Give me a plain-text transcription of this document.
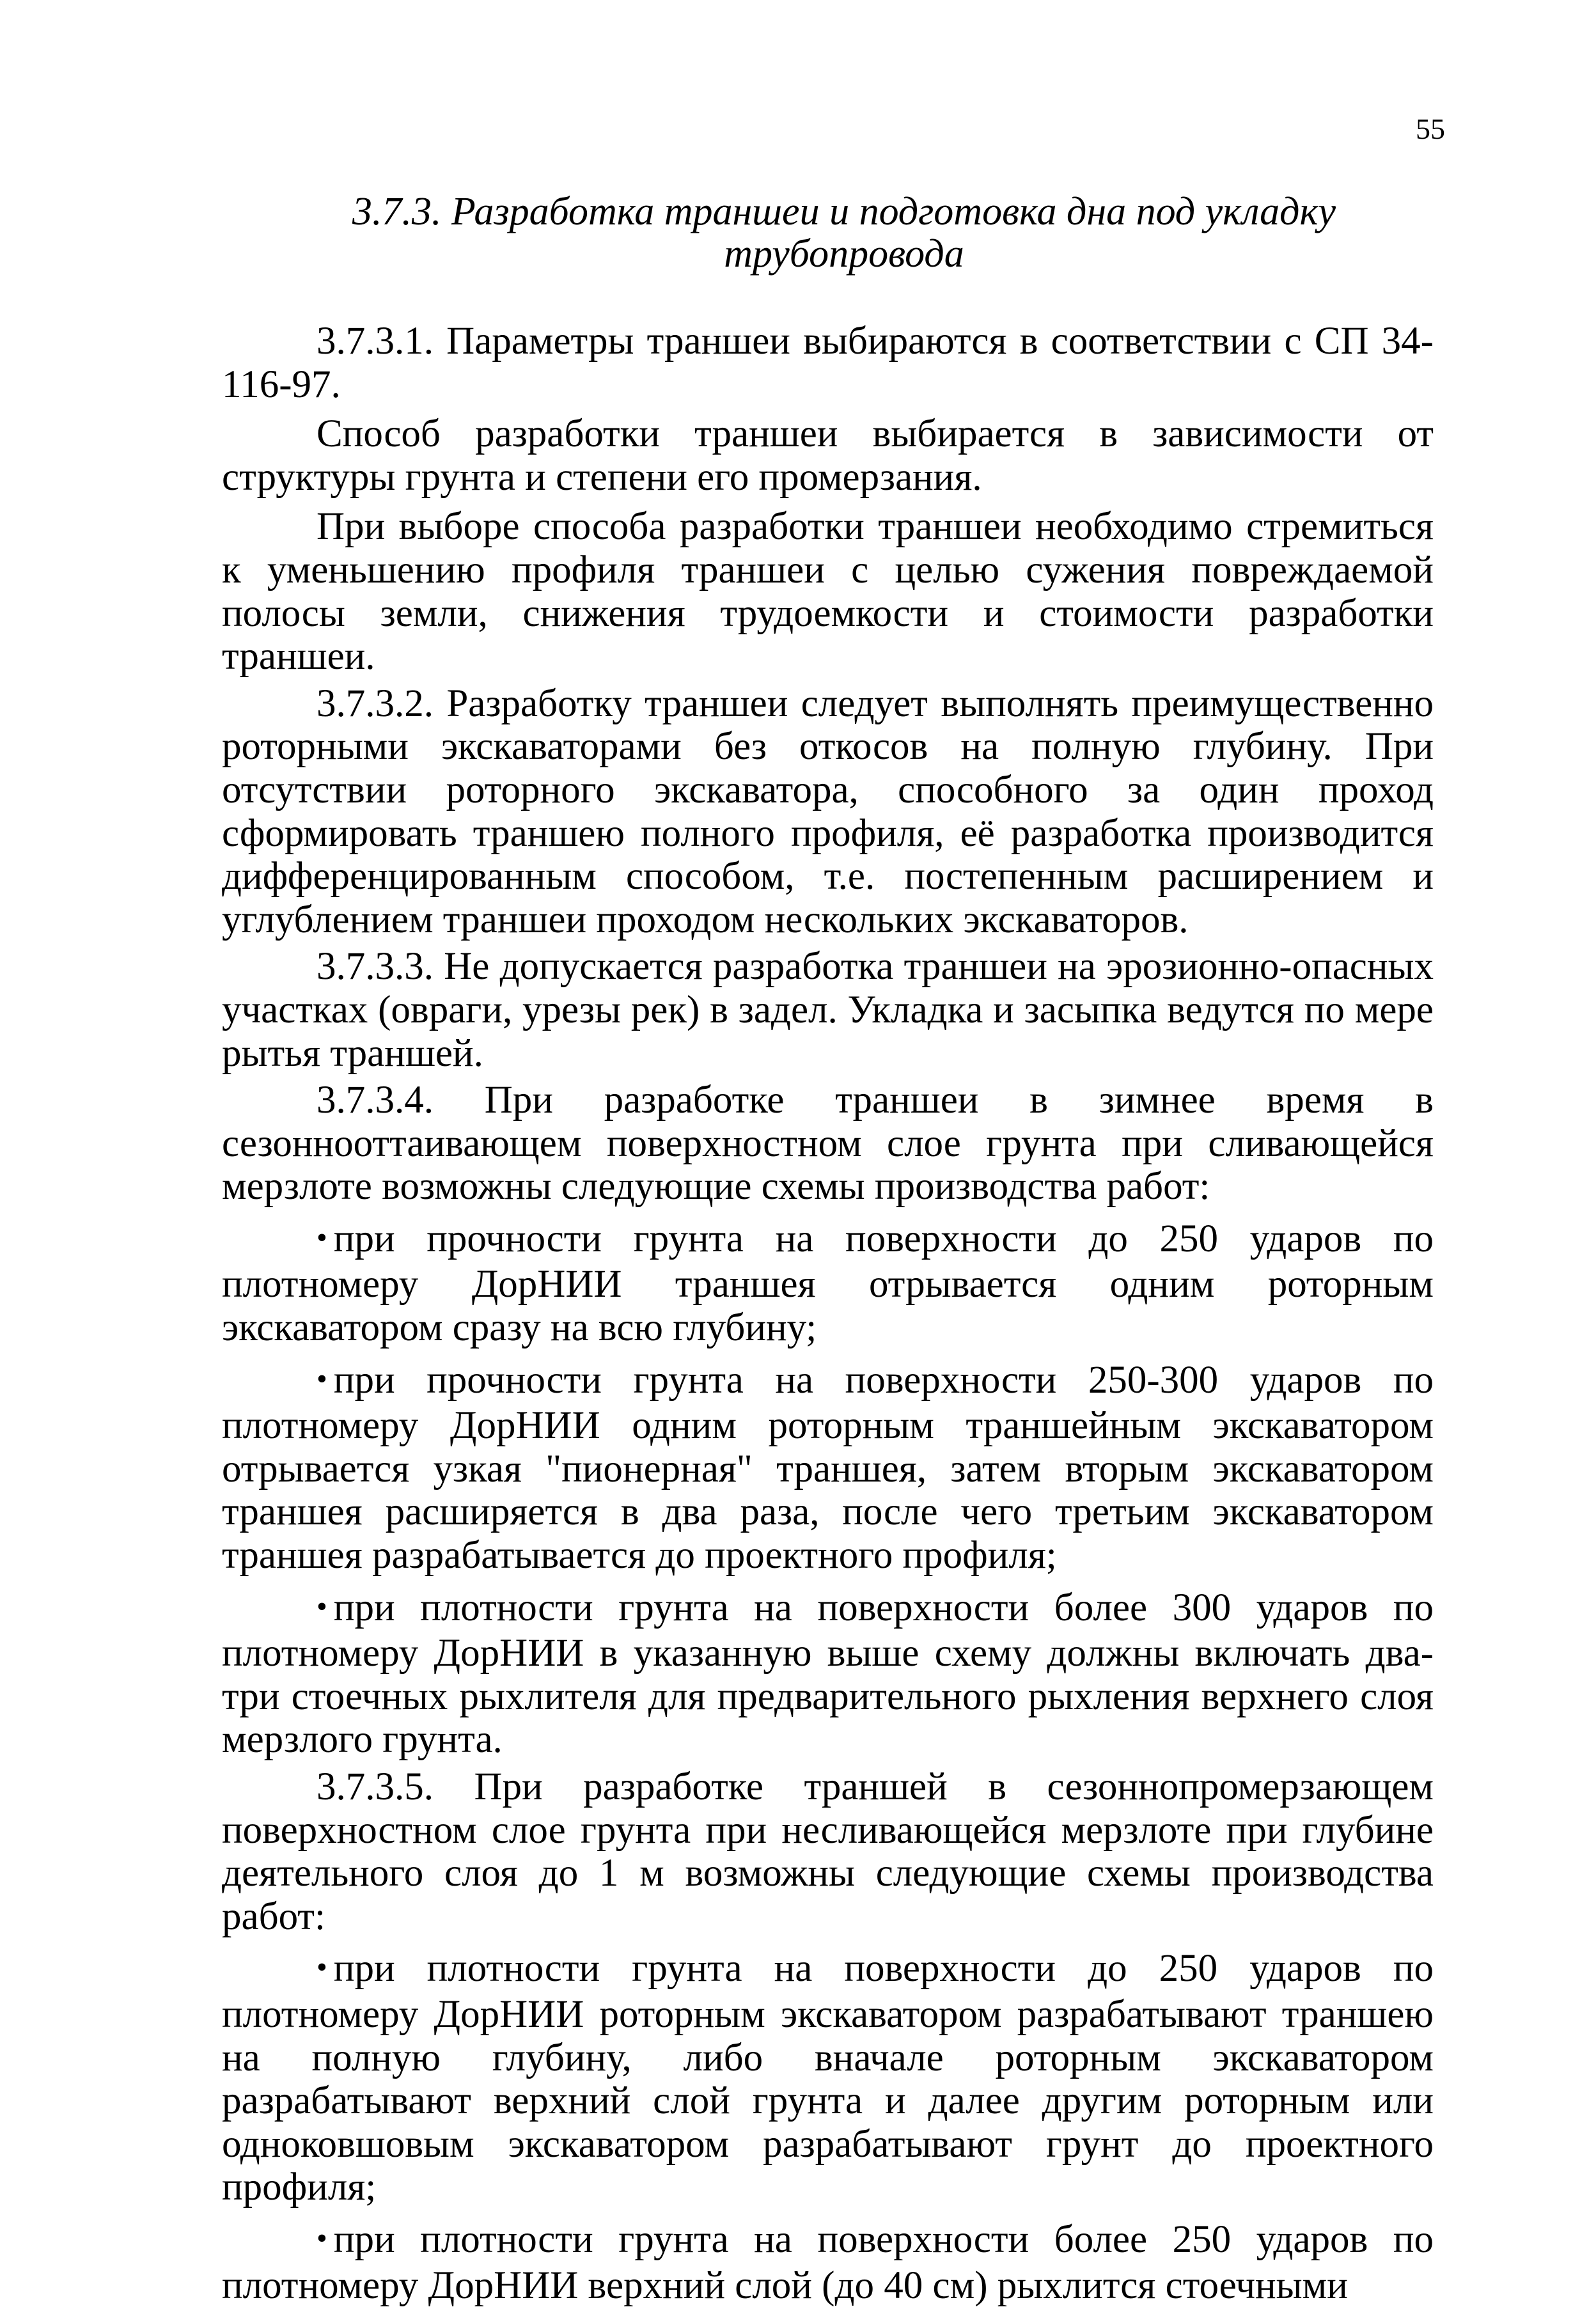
55
3.7.3. Разработка траншеи и подготовка дна под укладку
трубопровода

3.7.3.1. Параметры траншеи выбираются в соответствии с СП 34-116-97.

Способ разработки траншеи выбирается в зависимости от структуры грунта и степени его промерзания.

При выборе способа разработки траншеи необходимо стремиться к уменьшению профиля траншеи с целью сужения повреждаемой полосы земли, снижения трудоемкости и стоимости разработки траншеи.

3.7.3.2. Разработку траншеи следует выполнять преимущественно роторными экскаваторами без откосов на полную глубину. При отсутствии роторного экскаватора, способного за один проход сформировать траншею полного профиля, её разработка производится дифференцированным способом, т.е. постепенным расширением и углублением траншеи проходом нескольких экскаваторов.

3.7.3.3. Не допускается разработка траншеи на эрозионно-опасных участках (овраги, урезы рек) в задел. Укладка и засыпка ведутся по мере рытья траншей.

3.7.3.4. При разработке траншеи в зимнее время в сезоннооттаивающем поверхностном слое грунта при сливающейся мерзлоте возможны следующие схемы производства работ:

• при прочности грунта на поверхности до 250 ударов по плотномеру ДорНИИ траншея отрывается одним роторным экскаватором сразу на всю глубину;

• при прочности грунта на поверхности 250-300 ударов по плотномеру ДорНИИ одним роторным траншейным экскаватором отрывается узкая "пионерная" траншея, затем вторым экскаватором траншея расширяется в два раза, после чего третьим экскаватором траншея разрабатывается до проектного профиля;

• при плотности грунта на поверхности более 300 ударов по плотномеру ДорНИИ в указанную выше схему должны включать два-три стоечных рыхлителя для предварительного рыхления верхнего слоя мерзлого грунта.

3.7.3.5. При разработке траншей в сезоннопромерзающем поверхностном слое грунта при несливающейся мерзлоте при глубине деятельного слоя до 1 м возможны следующие схемы производства работ:

• при плотности грунта на поверхности до 250 ударов по плотномеру ДорНИИ роторным экскаватором разрабатывают траншею на полную глубину, либо вначале роторным экскаватором разрабатывают верхний слой грунта и далее другим роторным или одноковшовым экскаватором разрабатывают грунт до проектного профиля;

• при плотности грунта на поверхности более 250 ударов по плотномеру ДорНИИ верхний слой (до 40 см) рыхлится стоечными
